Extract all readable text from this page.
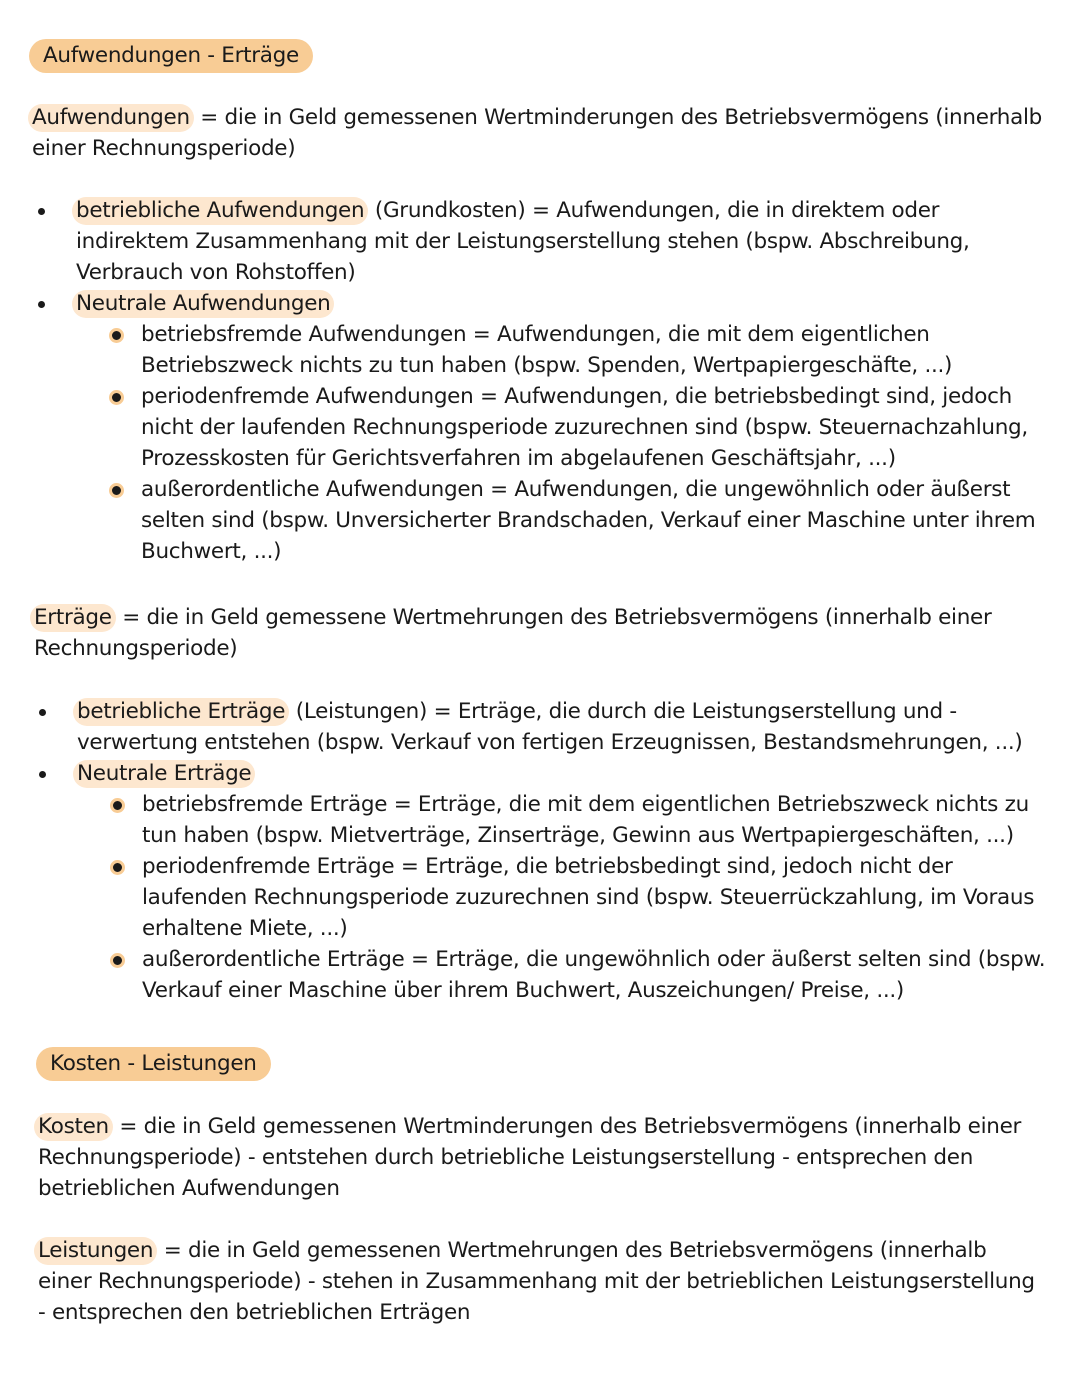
Aufwendungen - Erträge
Aufwendungen = die in Geld gemessenen Wertminderungen des Betriebsvermögens (innerhalb einer Rechnungsperiode)
betriebliche Aufwendungen (Grundkosten) = Aufwendungen, die in direktem oder indirektem Zusammenhang mit der Leistungserstellung stehen (bspw. Abschreibung, Verbrauch von Rohstoffen)
Neutrale Aufwendungen
betriebsfremde Aufwendungen = Aufwendungen, die mit dem eigentlichen Betriebszweck nichts zu tun haben (bspw. Spenden, Wertpapiergeschäfte, ...)
periodenfremde Aufwendungen = Aufwendungen, die betriebsbedingt sind, jedoch nicht der laufenden Rechnungsperiode zuzurechnen sind (bspw. Steuernachzahlung, Prozesskosten für Gerichtsverfahren im abgelaufenen Geschäftsjahr, ...)
außerordentliche Aufwendungen = Aufwendungen, die ungewöhnlich oder äußerst selten sind (bspw. Unversicherter Brandschaden, Verkauf einer Maschine unter ihrem Buchwert, ...)
Erträge = die in Geld gemessene Wertmehrungen des Betriebsvermögens (innerhalb einer Rechnungsperiode)
betriebliche Erträge (Leistungen) = Erträge, die durch die Leistungserstellung und -verwertung entstehen (bspw. Verkauf von fertigen Erzeugnissen, Bestandsmehrungen, ...)
Neutrale Erträge
betriebsfremde Erträge = Erträge, die mit dem eigentlichen Betriebszweck nichts zu tun haben (bspw. Mietverträge, Zinserträge, Gewinn aus Wertpapiergeschäften, ...)
periodenfremde Erträge = Erträge, die betriebsbedingt sind, jedoch nicht der laufenden Rechnungsperiode zuzurechnen sind (bspw. Steuerrückzahlung, im Voraus erhaltene Miete, ...)
außerordentliche Erträge = Erträge, die ungewöhnlich oder äußerst selten sind (bspw. Verkauf einer Maschine über ihrem Buchwert, Auszeichungen/ Preise, ...)
Kosten - Leistungen
Kosten = die in Geld gemessenen Wertminderungen des Betriebsvermögens (innerhalb einer Rechnungsperiode) - entstehen durch betriebliche Leistungserstellung - entsprechen den betrieblichen Aufwendungen
Leistungen = die in Geld gemessenen Wertmehrungen des Betriebsvermögens (innerhalb einer Rechnungsperiode) - stehen in Zusammenhang mit der betrieblichen Leistungserstellung - entsprechen den betrieblichen Erträgen
